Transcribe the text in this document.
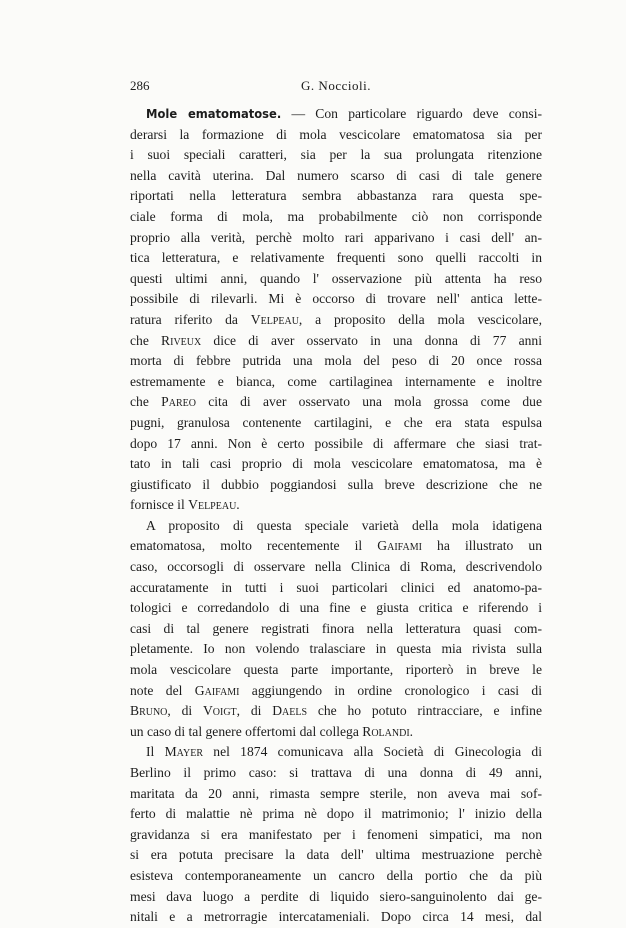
286	G. Noccioli.
Mole ematomatose. — Con particolare riguardo deve consi-
derarsi la formazione di mola vescicolare ematomatosa sia per
i suoi speciali caratteri, sia per la sua prolungata ritenzione
nella cavità uterina. Dal numero scarso di casi di tale genere
riportati nella letteratura sembra abbastanza rara questa spe-
ciale forma di mola, ma probabilmente ciò non corrisponde
proprio alla verità, perchè molto rari apparivano i casi dell' an-
tica letteratura, e relativamente frequenti sono quelli raccolti in
questi ultimi anni, quando l' osservazione più attenta ha reso
possibile di rilevarli. Mi è occorso di trovare nell' antica lette-
ratura riferito da Velpeau, a proposito della mola vescicolare,
che Riveux dice di aver osservato in una donna di 77 anni
morta di febbre putrida una mola del peso di 20 once rossa
estremamente e bianca, come cartilaginea internamente e inoltre
che Pareo cita di aver osservato una mola grossa come due
pugni, granulosa contenente cartilagini, e che era stata espulsa
dopo 17 anni. Non è certo possibile di affermare che siasi trat-
tato in tali casi proprio di mola vescicolare ematomatosa, ma è
giustificato il dubbio poggiandosi sulla breve descrizione che ne
fornisce il Velpeau.
A proposito di questa speciale varietà della mola idatigena
ematomatosa, molto recentemente il Gaifami ha illustrato un
caso, occorsogli di osservare nella Clinica di Roma, descrivendolo
accuratamente in tutti i suoi particolari clinici ed anatomo-pa-
tologici e corredandolo di una fine e giusta critica e riferendo i
casi di tal genere registrati finora nella letteratura quasi com-
pletamente. Io non volendo tralasciare in questa mia rivista sulla
mola vescicolare questa parte importante, riporterò in breve le
note del Gaifami aggiungendo in ordine cronologico i casi di
Bruno, di Voigt, di Daels che ho potuto rintracciare, e infine
un caso di tal genere offertomi dal collega Rolandi.
Il Mayer nel 1874 comunicava alla Società di Ginecologia di
Berlino il primo caso: si trattava di una donna di 49 anni,
maritata da 20 anni, rimasta sempre sterile, non aveva mai sof-
ferto di malattie nè prima nè dopo il matrimonio; l' inizio della
gravidanza si era manifestato per i fenomeni simpatici, ma non
si era potuta precisare la data dell' ultima mestruazione perchè
esisteva contemporaneamente un cancro della portio che da più
mesi dava luogo a perdite di liquido siero-sanguinolento dai ge-
nitali e a metrorragie intercatameniali. Dopo circa 14 mesi, dal
